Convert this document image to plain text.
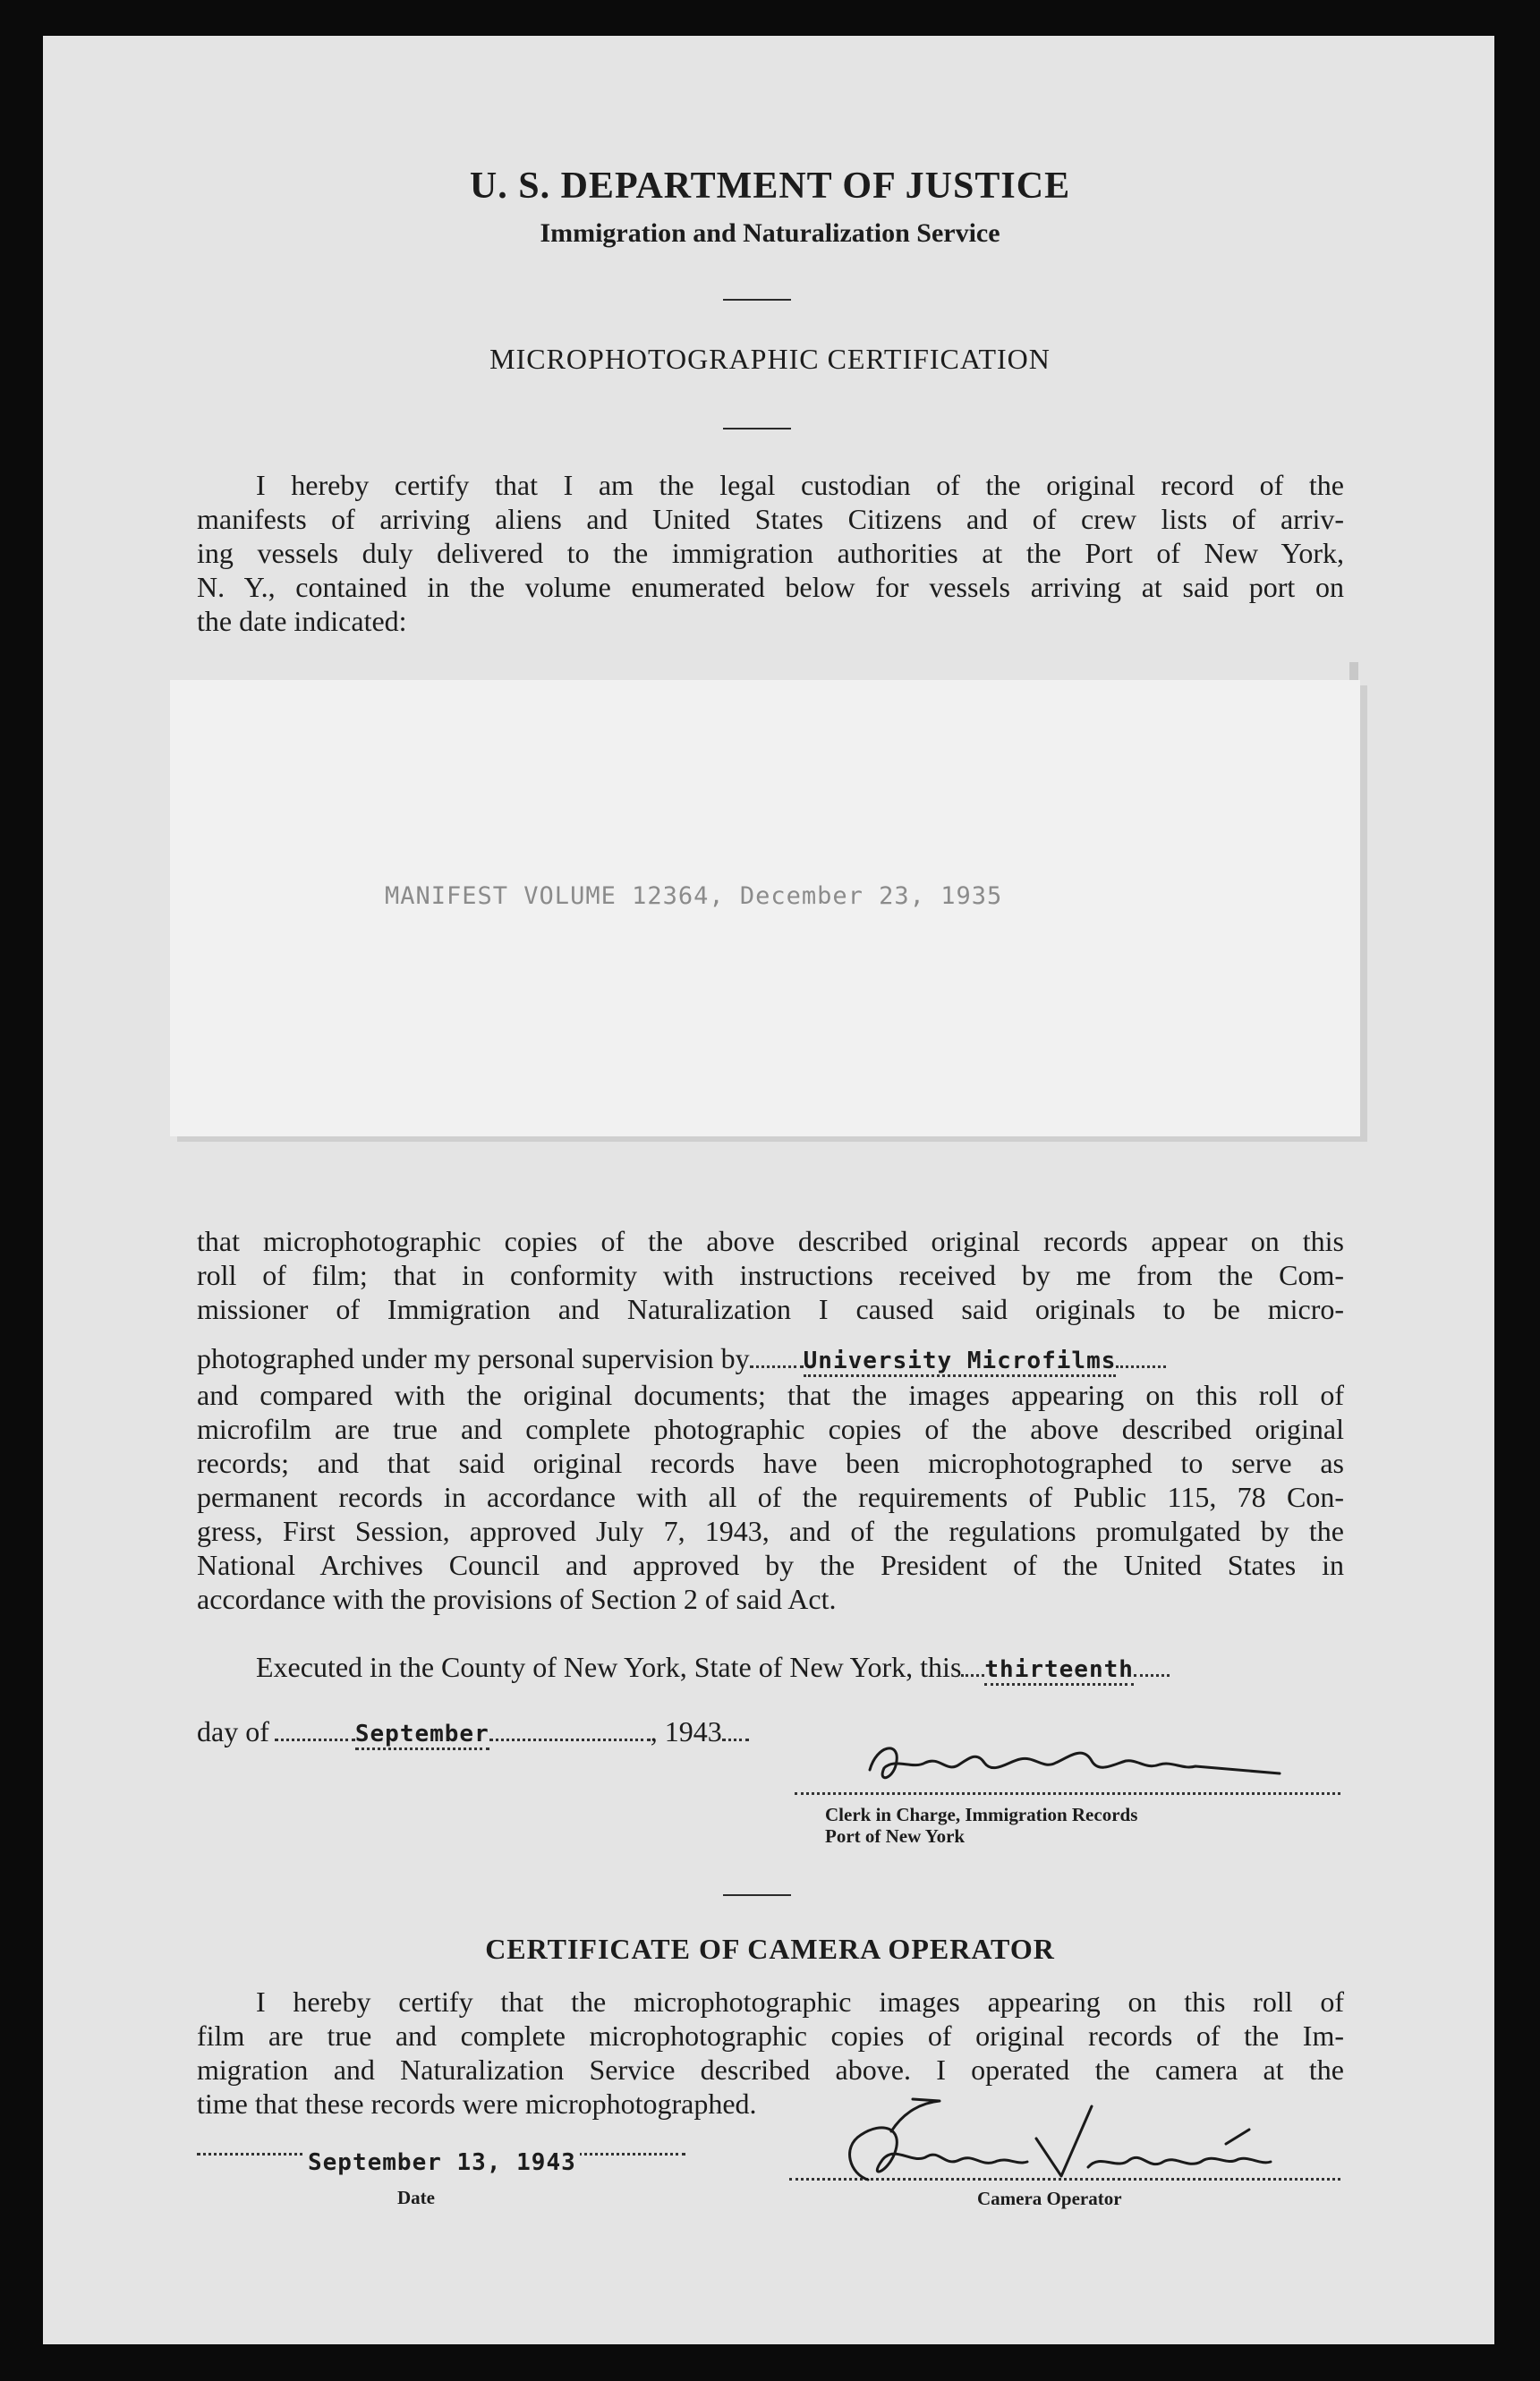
U. S. DEPARTMENT OF JUSTICE
Immigration and Naturalization Service
MICROPHOTOGRAPHIC CERTIFICATION
I hereby certify that I am the legal custodian of the original record of the
manifests of arriving aliens and United States Citizens and of crew lists of arriv-
ing vessels duly delivered to the immigration authorities at the Port of New York,
N. Y., contained in the volume enumerated below for vessels arriving at said port on
the date indicated:
MANIFEST VOLUME 12364, December 23, 1935
that microphotographic copies of the above described original records appear on this
roll of film; that in conformity with instructions received by me from the Com-
missioner of Immigration and Naturalization I caused said originals to be micro-
photographed under my personal supervision by University Microfilms
and compared with the original documents; that the images appearing on this roll of
microfilm are true and complete photographic copies of the above described original
records; and that said original records have been microphotographed to serve as
permanent records in accordance with all of the requirements of Public 115, 78 Con-
gress, First Session, approved July 7, 1943, and of the regulations promulgated by the
National Archives Council and approved by the President of the United States in
accordance with the provisions of Section 2 of said Act.
Executed in the County of New York, State of New York, this thirteenth
day of	September	, 1943
Clerk in Charge, Immigration Records
Port of New York
CERTIFICATE OF CAMERA OPERATOR
I hereby certify that the microphotographic images appearing on this roll of
film are true and complete microphotographic copies of original records of the Im-
migration and Naturalization Service described above. I operated the camera at the
time that these records were microphotographed.
September 13, 1943
Date	Camera Operator
